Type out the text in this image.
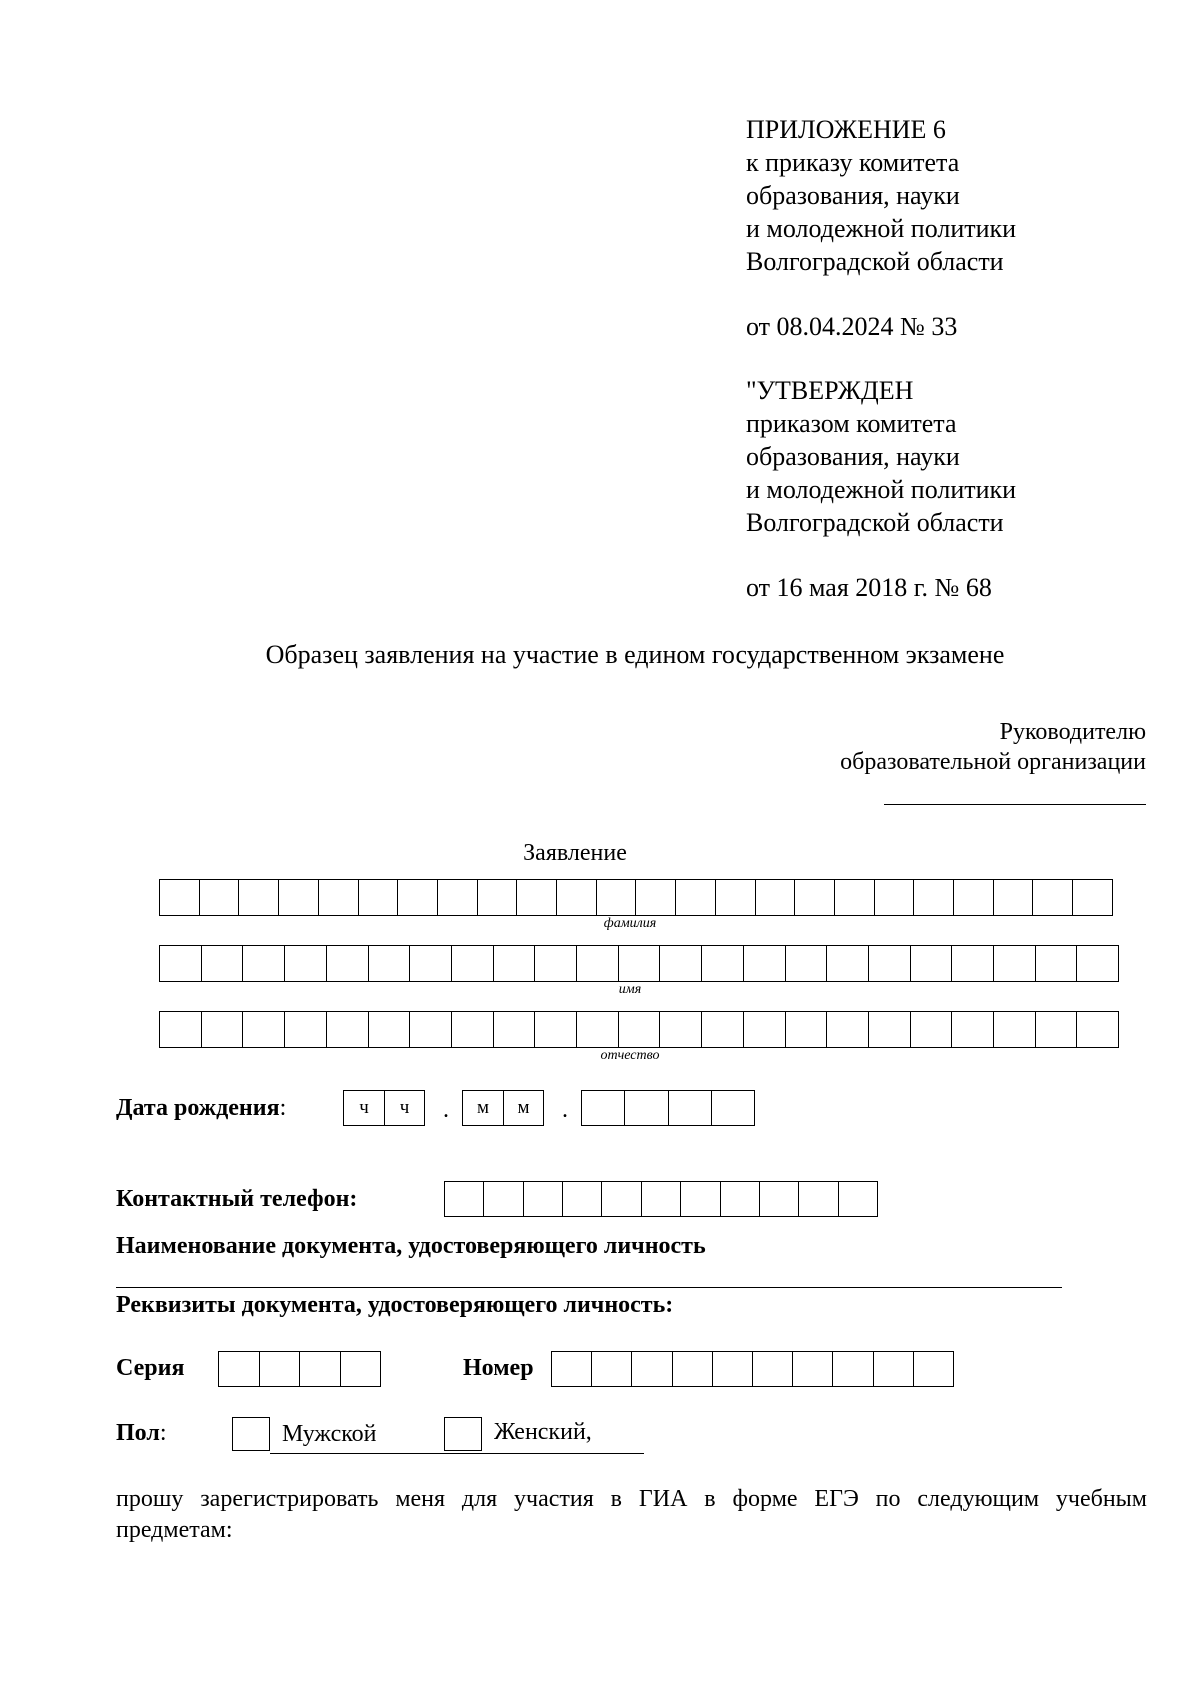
ПРИЛОЖЕНИЕ 6
к приказу комитета
образования, науки
и молодежной политики
Волгоградской области
от 08.04.2024 № 33
"УТВЕРЖДЕН
приказом комитета
образования, науки
и молодежной политики
Волгоградской области
от 16 мая 2018 г. № 68
Образец заявления на участие в едином государственном экзамене
Руководителю
образовательной организации
Заявление
фамилия
имя
отчество
Дата рождения:	ч	ч	.	м	м	.
Контактный телефон:
Наименование документа, удостоверяющего личность
Реквизиты документа, удостоверяющего личность:
Серия	Номер
Пол:	Мужской	Женский,
прошу зарегистрировать меня для участия в ГИА в форме ЕГЭ по следующим учебным
предметам:
